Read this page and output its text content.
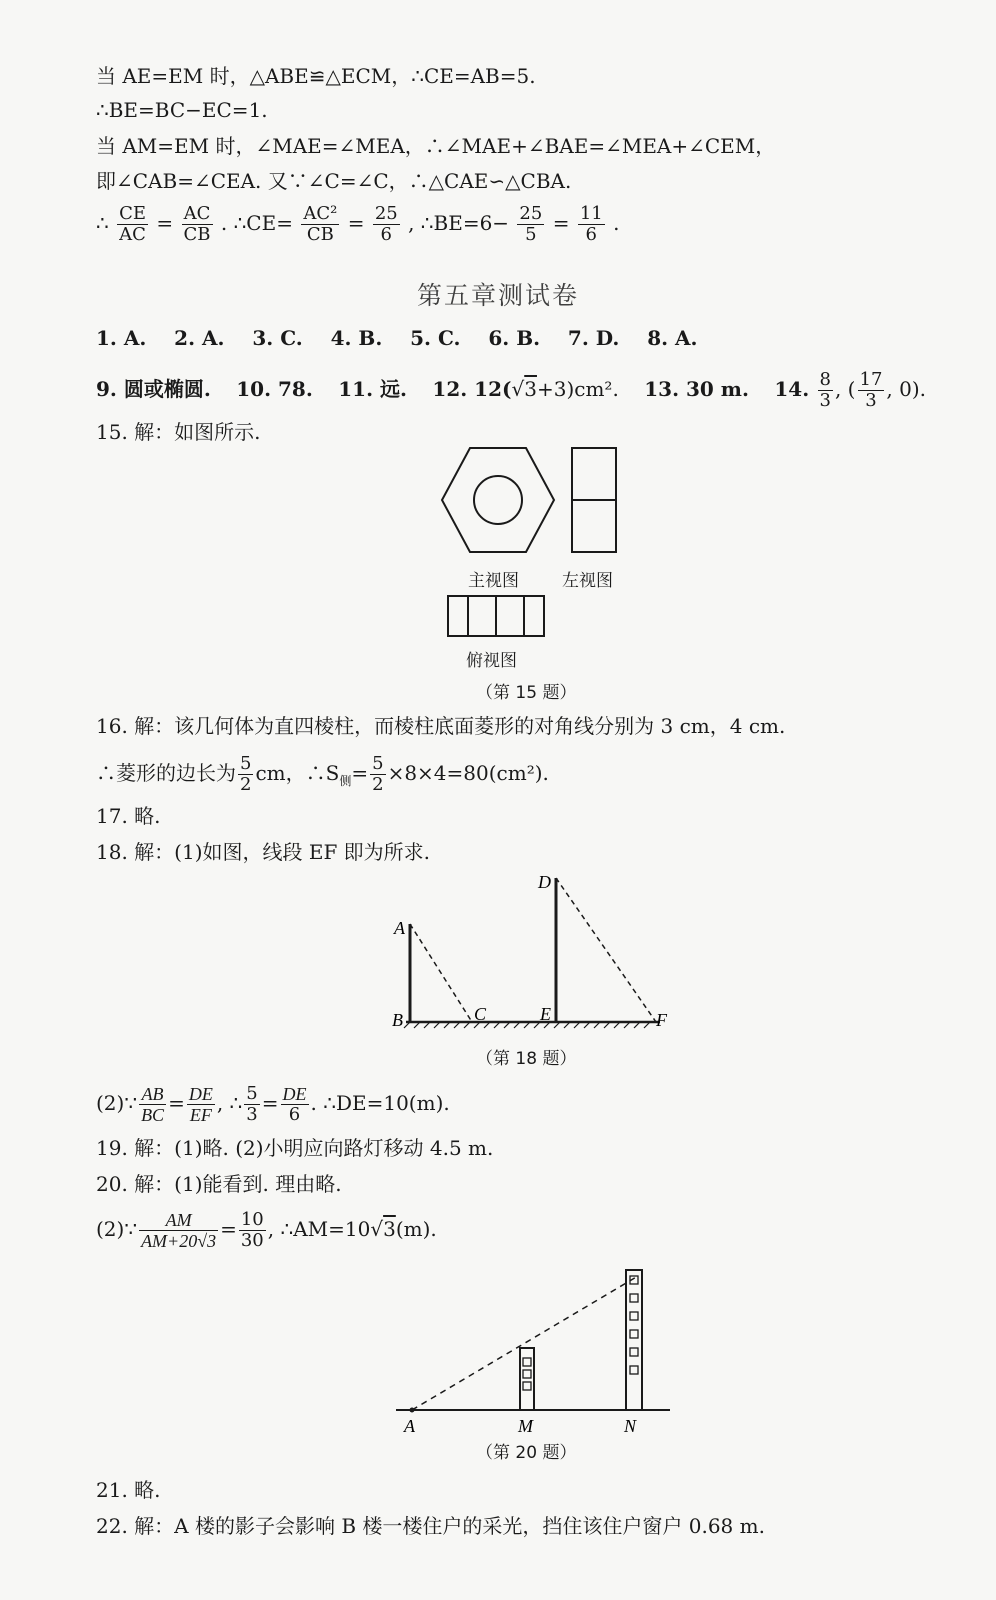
当 AE=EM 时，△ABE≌△ECM，∴CE=AB=5.
∴BE=BC−EC=1.
当 AM=EM 时，∠MAE=∠MEA，∴∠MAE+∠BAE=∠MEA+∠CEM，
即∠CAB=∠CEA. 又∵∠C=∠C，∴△CAE∽△CBA.
∴ $\frac{CE}{AC} = \frac{AC}{CB}$ . ∴CE= $\frac{\text{AC²}}{CB} = \frac{25}{6}$ , ∴BE=6− $\frac{25}{5} = \frac{11}{6}$ .
第五章测试卷
1. A.    2. A.    3. C.    4. B.    5. C.    6. B.    7. D.    8. A.
9. 圆或椭圆. 10. 78. 11. 远. 12. 12(√3+3)cm². 13. 30 m. 14. $\frac{8}{3}$ , ( $\frac{17}{3}$ , 0).
15. 解：如图所示.
主视图	左视图
俯视图
（第 15 题）
16. 解：该几何体为直四棱柱，而棱柱底面菱形的对角线分别为 3 cm，4 cm.
∴菱形的边长为 $\frac{5}{2}$ cm，$\therefore S_侧= \frac{5}{2} \times 8\times 4=80(cm^2)$.
17. 略.
18. 解：(1)如图，线段 EF 即为所求.
A
B	C
D
E	F
（第 18 题）
(2)∵ $\frac{AB}{BC} = \frac{DE}{EF}$ , ∴ $\frac{5}{3} = \frac{DE}{6}$ . ∴DE=10(m).
19. 解：(1)略. (2)小明应向路灯移动 4.5 m.
20. 解：(1)能看到. 理由略.
(2)∵ $\frac{AM}{AM+20√3} = \frac{10}{30}$ , ∴AM=10√3(m).
A	M	N
（第 20 题）
21. 略.
22. 解：A 楼的影子会影响 B 楼一楼住户的采光，挡住该住户窗户 0.68 m.
